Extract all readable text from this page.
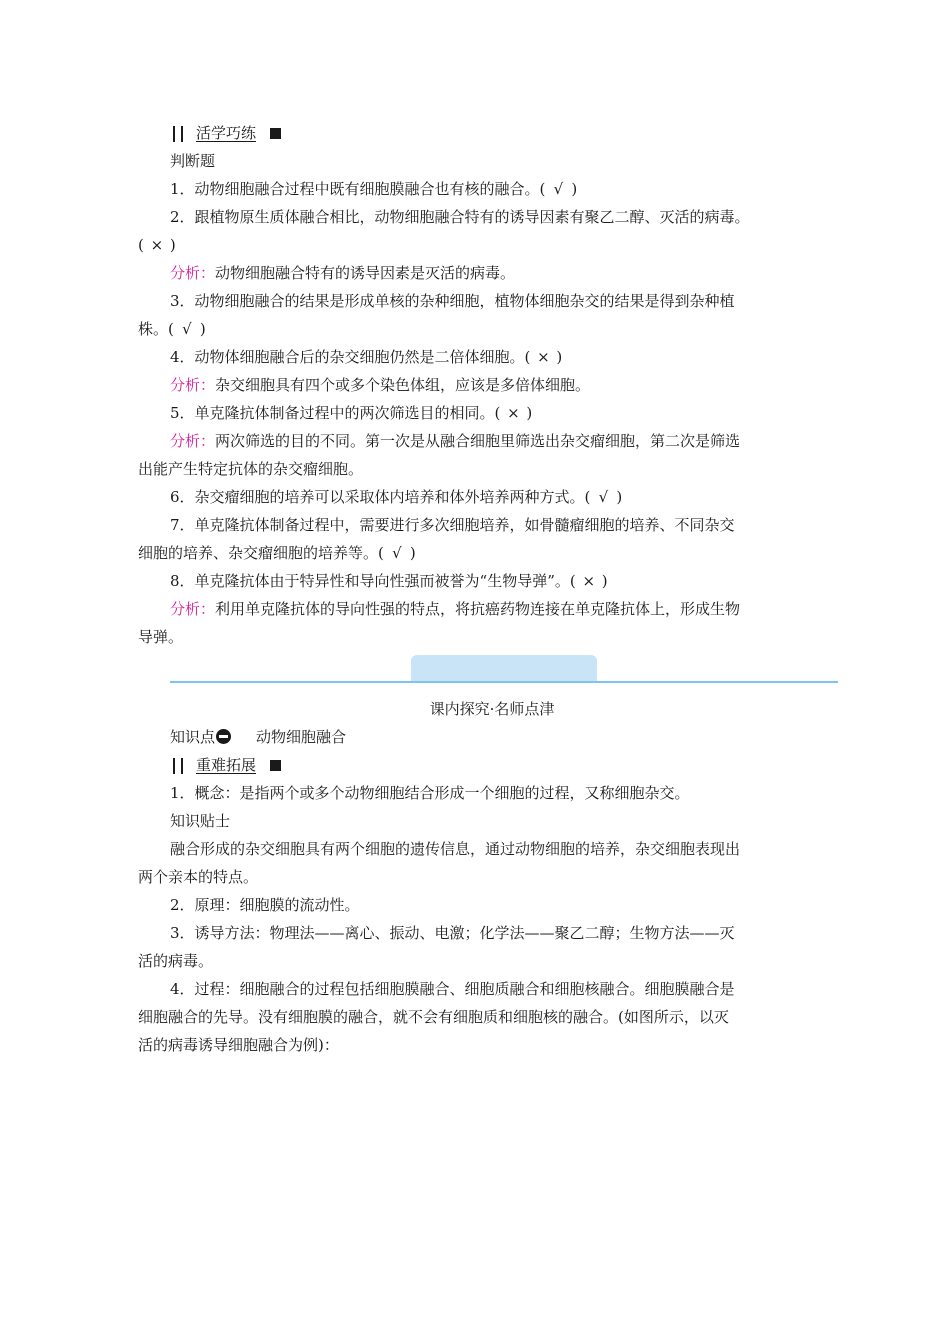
活学巧练
判断题
1．动物细胞融合过程中既有细胞膜融合也有核的融合。( √ )
2．跟植物原生质体融合相比，动物细胞融合特有的诱导因素有聚乙二醇、灭活的病毒。
( × )
分析：动物细胞融合特有的诱导因素是灭活的病毒。
3．动物细胞融合的结果是形成单核的杂种细胞，植物体细胞杂交的结果是得到杂种植
株。( √ )
4．动物体细胞融合后的杂交细胞仍然是二倍体细胞。( × )
分析：杂交细胞具有四个或多个染色体组，应该是多倍体细胞。
5．单克隆抗体制备过程中的两次筛选目的相同。( × )
分析：两次筛选的目的不同。第一次是从融合细胞里筛选出杂交瘤细胞，第二次是筛选
出能产生特定抗体的杂交瘤细胞。
6．杂交瘤细胞的培养可以采取体内培养和体外培养两种方式。( √ )
7．单克隆抗体制备过程中，需要进行多次细胞培养，如骨髓瘤细胞的培养、不同杂交
细胞的培养、杂交瘤细胞的培养等。( √ )
8．单克隆抗体由于特异性和导向性强而被誉为“生物导弹”。( × )
分析：利用单克隆抗体的导向性强的特点，将抗癌药物连接在单克隆抗体上，形成生物
导弹。
课内探究·名师点津
知识点	动物细胞融合
重难拓展
1．概念：是指两个或多个动物细胞结合形成一个细胞的过程，又称细胞杂交。
知识贴士
融合形成的杂交细胞具有两个细胞的遗传信息，通过动物细胞的培养，杂交细胞表现出
两个亲本的特点。
2．原理：细胞膜的流动性。
3．诱导方法：物理法——离心、振动、电激；化学法——聚乙二醇；生物方法——灭
活的病毒。
4．过程：细胞融合的过程包括细胞膜融合、细胞质融合和细胞核融合。细胞膜融合是
细胞融合的先导。没有细胞膜的融合，就不会有细胞质和细胞核的融合。(如图所示，以灭
活的病毒诱导细胞融合为例)：
